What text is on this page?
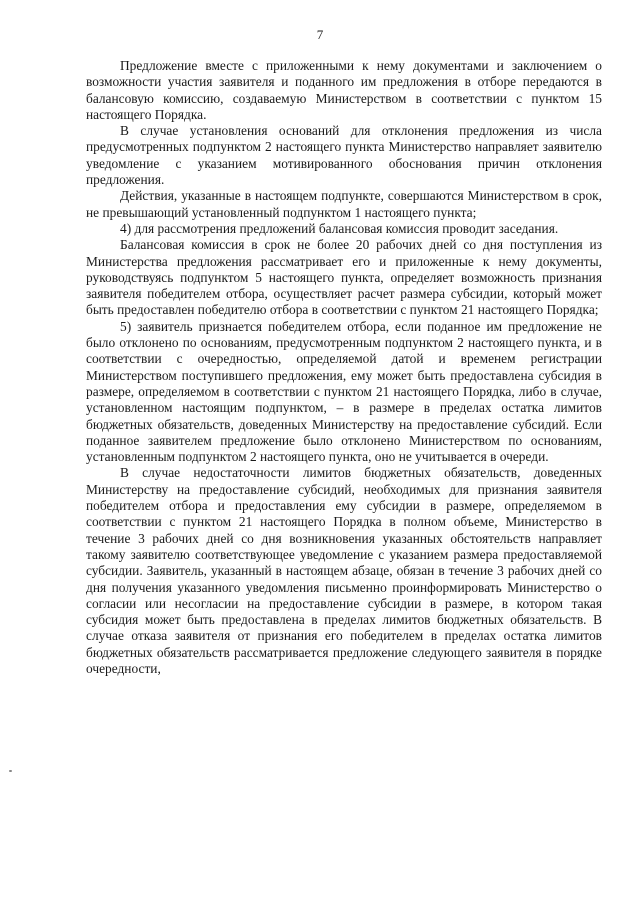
7

Предложение вместе с приложенными к нему документами и заключением о возможности участия заявителя и поданного им предложения в отборе передаются в балансовую комиссию, создаваемую Министерством в соответствии с пунктом 15 настоящего Порядка.

В случае установления оснований для отклонения предложения из числа предусмотренных подпунктом 2 настоящего пункта Министерство направляет заявителю уведомление с указанием мотивированного обоснования причин отклонения предложения.

Действия, указанные в настоящем подпункте, совершаются Министерством в срок, не превышающий установленный подпунктом 1 настоящего пункта;

4) для рассмотрения предложений балансовая комиссия проводит заседания.

Балансовая комиссия в срок не более 20 рабочих дней со дня поступления из Министерства предложения рассматривает его и приложенные к нему документы, руководствуясь подпунктом 5 настоящего пункта, определяет возможность признания заявителя победителем отбора, осуществляет расчет размера субсидии, который может быть предоставлен победителю отбора в соответствии с пунктом 21 настоящего Порядка;

5) заявитель признается победителем отбора, если поданное им предложение не было отклонено по основаниям, предусмотренным подпунктом 2 настоящего пункта, и в соответствии с очередностью, определяемой датой и временем регистрации Министерством поступившего предложения, ему может быть предоставлена субсидия в размере, определяемом в соответствии с пунктом 21 настоящего Порядка, либо в случае, установленном настоящим подпунктом, – в размере в пределах остатка лимитов бюджетных обязательств, доведенных Министерству на предоставление субсидий. Если поданное заявителем предложение было отклонено Министерством по основаниям, установленным подпунктом 2 настоящего пункта, оно не учитывается в очереди.

В случае недостаточности лимитов бюджетных обязательств, доведенных Министерству на предоставление субсидий, необходимых для признания заявителя победителем отбора и предоставления ему субсидии в размере, определяемом в соответствии с пунктом 21 настоящего Порядка в полном объеме, Министерство в течение 3 рабочих дней со дня возникновения указанных обстоятельств направляет такому заявителю соответствующее уведомление с указанием размера предоставляемой субсидии. Заявитель, указанный в настоящем абзаце, обязан в течение 3 рабочих дней со дня получения указанного уведомления письменно проинформировать Министерство о согласии или несогласии на предоставление субсидии в размере, в котором такая субсидия может быть предоставлена в пределах лимитов бюджетных обязательств. В случае отказа заявителя от признания его победителем в пределах остатка лимитов бюджетных обязательств рассматривается предложение следующего заявителя в порядке очередности,
